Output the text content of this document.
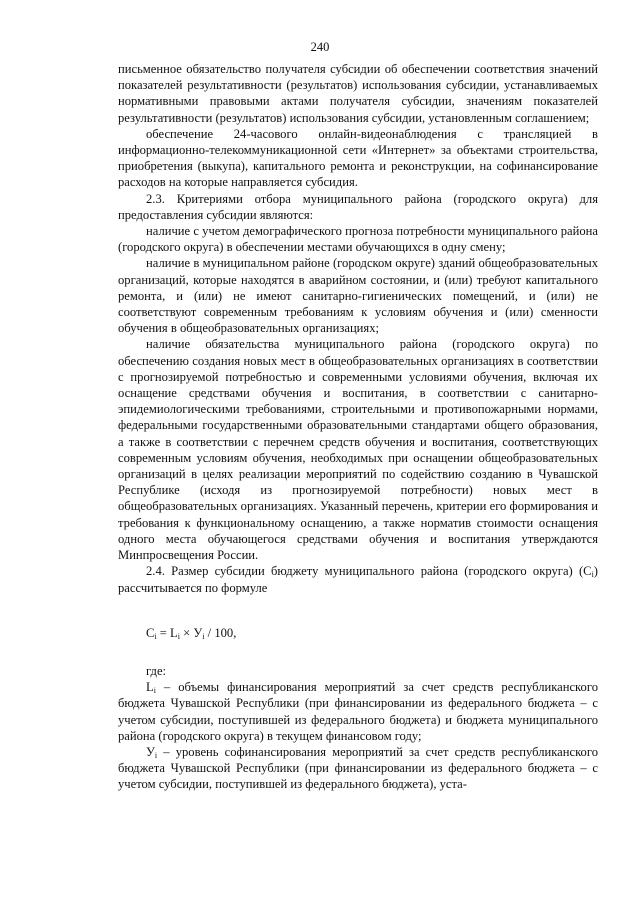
240

письменное обязательство получателя субсидии об обеспечении соответствия значений показателей результативности (результатов) использования субсидии, устанавливаемых нормативными правовыми актами получателя субсидии, значениям показателей результативности (результатов) использования субсидии, установленным соглашением;

обеспечение 24-часового онлайн-видеонаблюдения с трансляцией в информационно-телекоммуникационной сети «Интернет» за объектами строительства, приобретения (выкупа), капитального ремонта и реконструкции, на софинансирование расходов на которые направляется субсидия.

2.3. Критериями отбора муниципального района (городского округа) для предоставления субсидии являются:

наличие с учетом демографического прогноза потребности муниципального района (городского округа) в обеспечении местами обучающихся в одну смену;

наличие в муниципальном районе (городском округе) зданий общеобразовательных организаций, которые находятся в аварийном состоянии, и (или) требуют капитального ремонта, и (или) не имеют санитарно-гигиенических помещений, и (или) не соответствуют современным требованиям к условиям обучения и (или) сменности обучения в общеобразовательных организациях;

наличие обязательства муниципального района (городского округа) по обеспечению создания новых мест в общеобразовательных организациях в соответствии с прогнозируемой потребностью и современными условиями обучения, включая их оснащение средствами обучения и воспитания, в соответствии с санитарно-эпидемиологическими требованиями, строительными и противопожарными нормами, федеральными государственными образовательными стандартами общего образования, а также в соответствии с перечнем средств обучения и воспитания, соответствующих современным условиям обучения, необходимых при оснащении общеобразовательных организаций в целях реализации мероприятий по содействию созданию в Чувашской Республике (исходя из прогнозируемой потребности) новых мест в общеобразовательных организациях. Указанный перечень, критерии его формирования и требования к функциональному оснащению, а также норматив стоимости оснащения одного места обучающегося средствами обучения и воспитания утверждаются Минпросвещения России.

2.4. Размер субсидии бюджету муниципального района (городского округа) $(C_i)$ рассчитывается по формуле

$C_i = L_i \times У_i / 100$,

где:

$L_i$ – объемы финансирования мероприятий за счет средств республиканского бюджета Чувашской Республики (при финансировании из федерального бюджета – с учетом субсидии, поступившей из федерального бюджета) и бюджета муниципального района (городского округа) в текущем финансовом году;

$У_i$ – уровень софинансирования мероприятий за счет средств республиканского бюджета Чувашской Республики (при финансировании из федерального бюджета – с учетом субсидии, поступившей из федерального бюджета), уста-
